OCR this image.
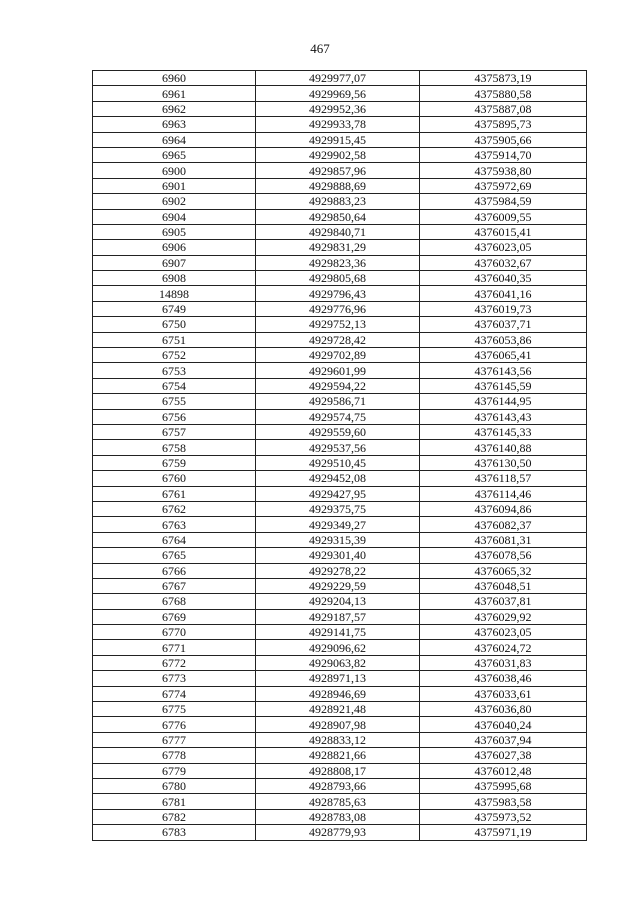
467
6960	4929977,07	4375873,19
6961	4929969,56	4375880,58
6962	4929952,36	4375887,08
6963	4929933,78	4375895,73
6964	4929915,45	4375905,66
6965	4929902,58	4375914,70
6900	4929857,96	4375938,80
6901	4929888,69	4375972,69
6902	4929883,23	4375984,59
6904	4929850,64	4376009,55
6905	4929840,71	4376015,41
6906	4929831,29	4376023,05
6907	4929823,36	4376032,67
6908	4929805,68	4376040,35
14898	4929796,43	4376041,16
6749	4929776,96	4376019,73
6750	4929752,13	4376037,71
6751	4929728,42	4376053,86
6752	4929702,89	4376065,41
6753	4929601,99	4376143,56
6754	4929594,22	4376145,59
6755	4929586,71	4376144,95
6756	4929574,75	4376143,43
6757	4929559,60	4376145,33
6758	4929537,56	4376140,88
6759	4929510,45	4376130,50
6760	4929452,08	4376118,57
6761	4929427,95	4376114,46
6762	4929375,75	4376094,86
6763	4929349,27	4376082,37
6764	4929315,39	4376081,31
6765	4929301,40	4376078,56
6766	4929278,22	4376065,32
6767	4929229,59	4376048,51
6768	4929204,13	4376037,81
6769	4929187,57	4376029,92
6770	4929141,75	4376023,05
6771	4929096,62	4376024,72
6772	4929063,82	4376031,83
6773	4928971,13	4376038,46
6774	4928946,69	4376033,61
6775	4928921,48	4376036,80
6776	4928907,98	4376040,24
6777	4928833,12	4376037,94
6778	4928821,66	4376027,38
6779	4928808,17	4376012,48
6780	4928793,66	4375995,68
6781	4928785,63	4375983,58
6782	4928783,08	4375973,52
6783	4928779,93	4375971,19
